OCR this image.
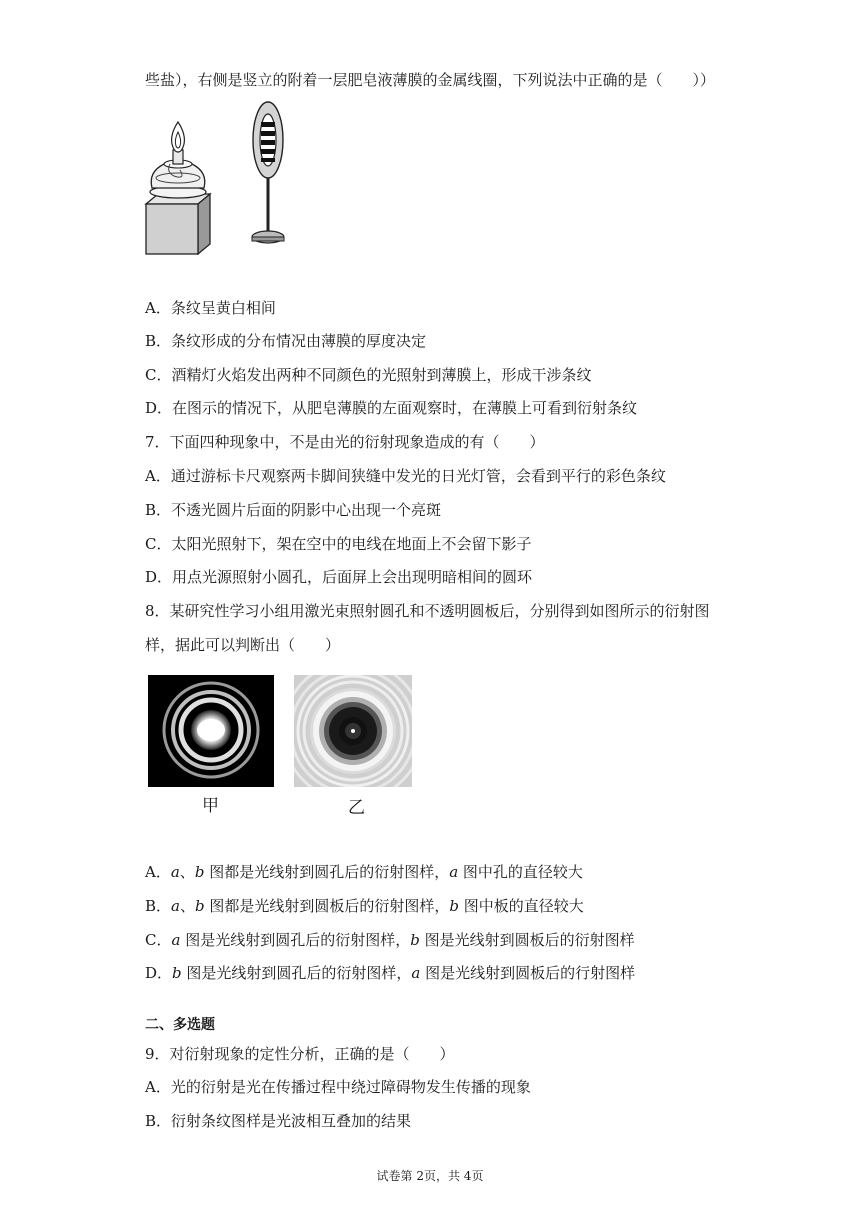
些盐），右侧是竖立的附着一层肥皂液薄膜的金属线圈，下列说法中正确的是（　　））
A．条纹呈黄白相间
B．条纹形成的分布情况由薄膜的厚度决定
C．酒精灯火焰发出两种不同颜色的光照射到薄膜上，形成干涉条纹
D．在图示的情况下，从肥皂薄膜的左面观察时，在薄膜上可看到衍射条纹
7．下面四种现象中，不是由光的衍射现象造成的有（　　）
A．通过游标卡尺观察两卡脚间狭缝中发光的日光灯管，会看到平行的彩色条纹
B．不透光圆片后面的阴影中心出现一个亮斑
C．太阳光照射下，架在空中的电线在地面上不会留下影子
D．用点光源照射小圆孔，后面屏上会出现明暗相间的圆环
8．某研究性学习小组用激光束照射圆孔和不透明圆板后，分别得到如图所示的衍射图
样，据此可以判断出（　　）
甲	乙
A．a、b 图都是光线射到圆孔后的衍射图样，a 图中孔的直径较大
B．a、b 图都是光线射到圆板后的衍射图样，b 图中板的直径较大
C．a 图是光线射到圆孔后的衍射图样，b 图是光线射到圆板后的衍射图样
D．b 图是光线射到圆孔后的衍射图样，a 图是光线射到圆板后的行射图样
二、多选题
9．对衍射现象的定性分析，正确的是（　　）
A．光的衍射是光在传播过程中绕过障碍物发生传播的现象
B．衍射条纹图样是光波相互叠加的结果
试卷第 2页，共 4页
